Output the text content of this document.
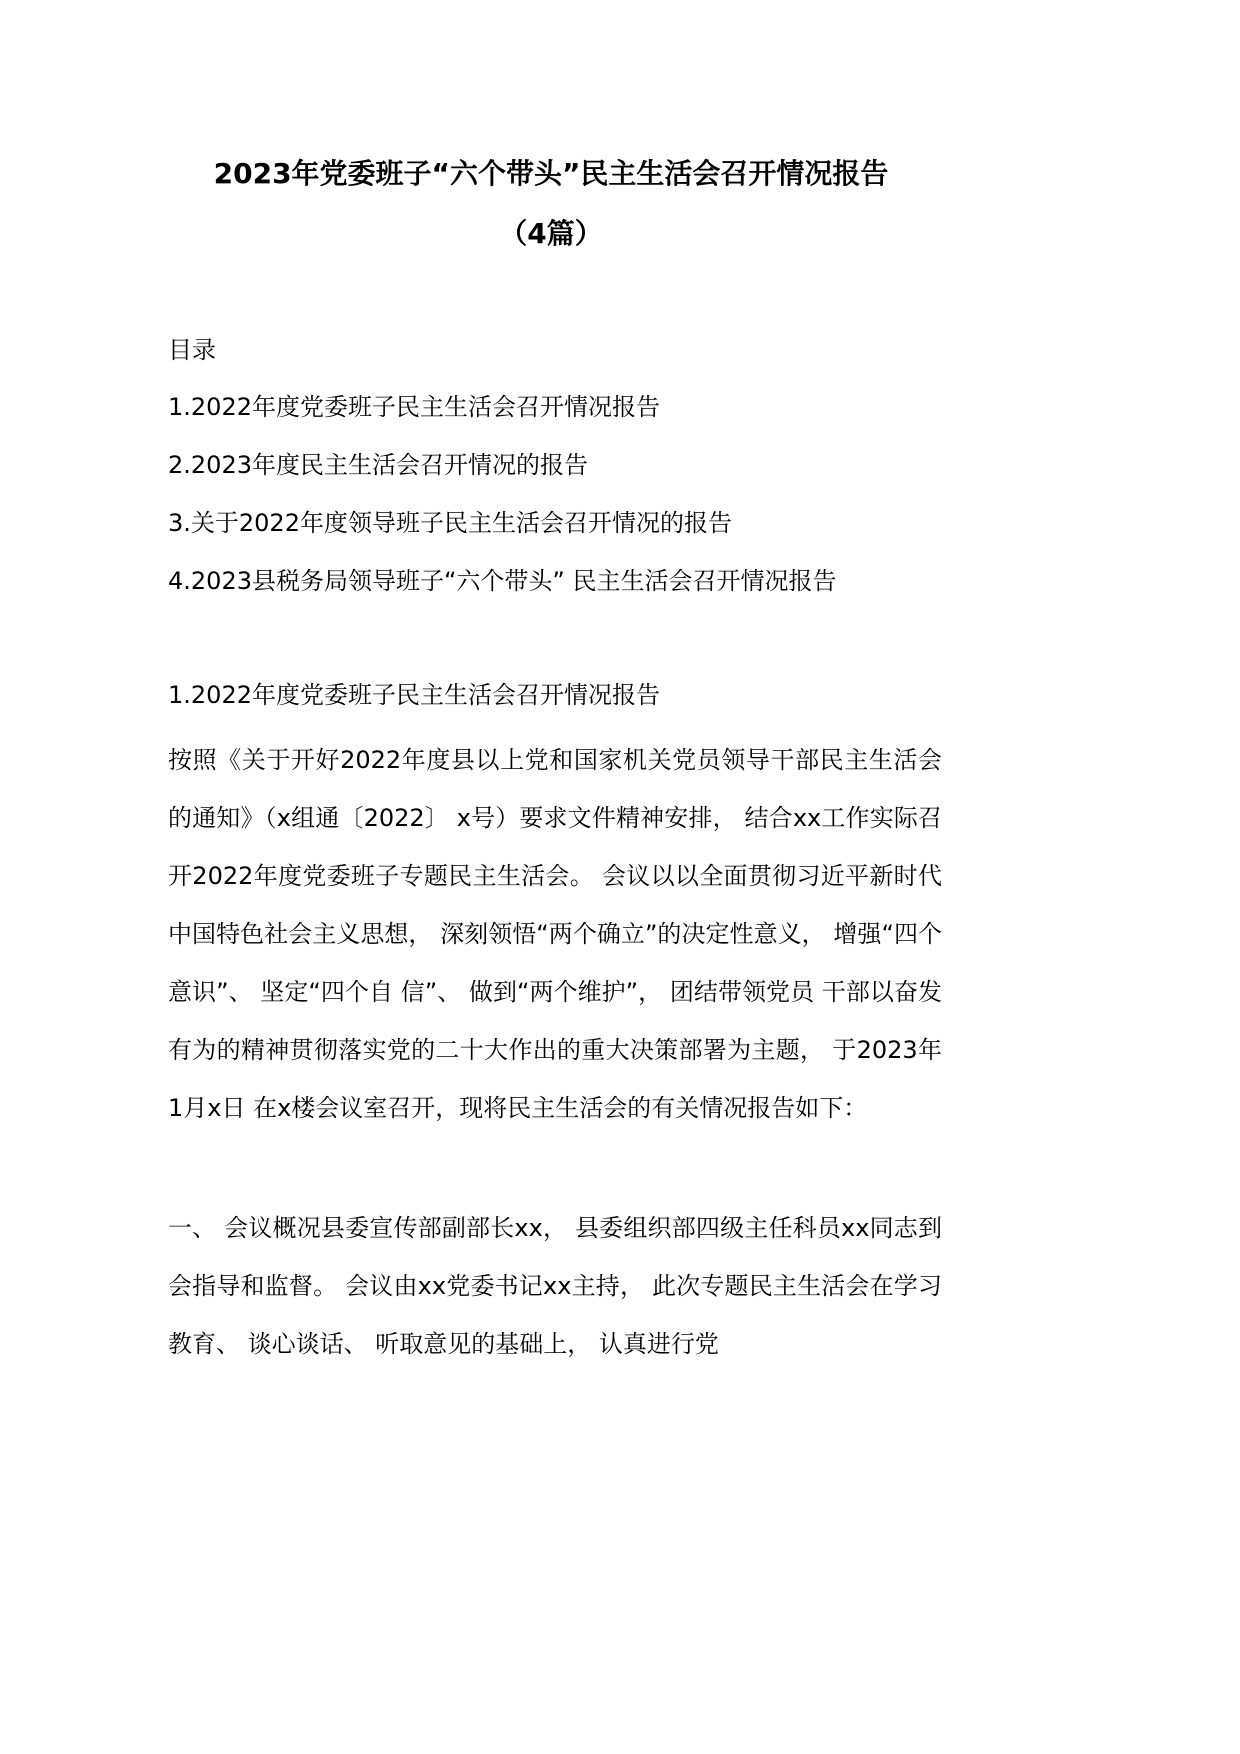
2023年党委班子“六个带头”民主生活会召开情况报告
（4篇）
目录
1.2022年度党委班子民主生活会召开情况报告
2.2023年度民主生活会召开情况的报告
3.关于2022年度领导班子民主生活会召开情况的报告
4.2023县税务局领导班子“六个带头” 民主生活会召开情况报告
1.2022年度党委班子民主生活会召开情况报告

按照《关于开好2022年度县以上党和国家机关党员领导干部民主生活会的通知》（x组通〔2022〕 x号）要求文件精神安排， 结合xx工作实际召开2022年度党委班子专题民主生活会。 会议以以全面贯彻习近平新时代中国特色社会主义思想， 深刻领悟“两个确立”的决定性意义， 增强“四个意识”、 坚定“四个自 信”、 做到“两个维护”， 团结带领党员 干部以奋发有为的精神贯彻落实党的二十大作出的重大决策部署为主题， 于2023年1月x日 在x楼会议室召开，现将民主生活会的有关情况报告如下：

一、 会议概况县委宣传部副部长xx， 县委组织部四级主任科员xx同志到会指导和监督。 会议由xx党委书记xx主持， 此次专题民主生活会在学习教育、 谈心谈话、 听取意见的基础上， 认真进行党
